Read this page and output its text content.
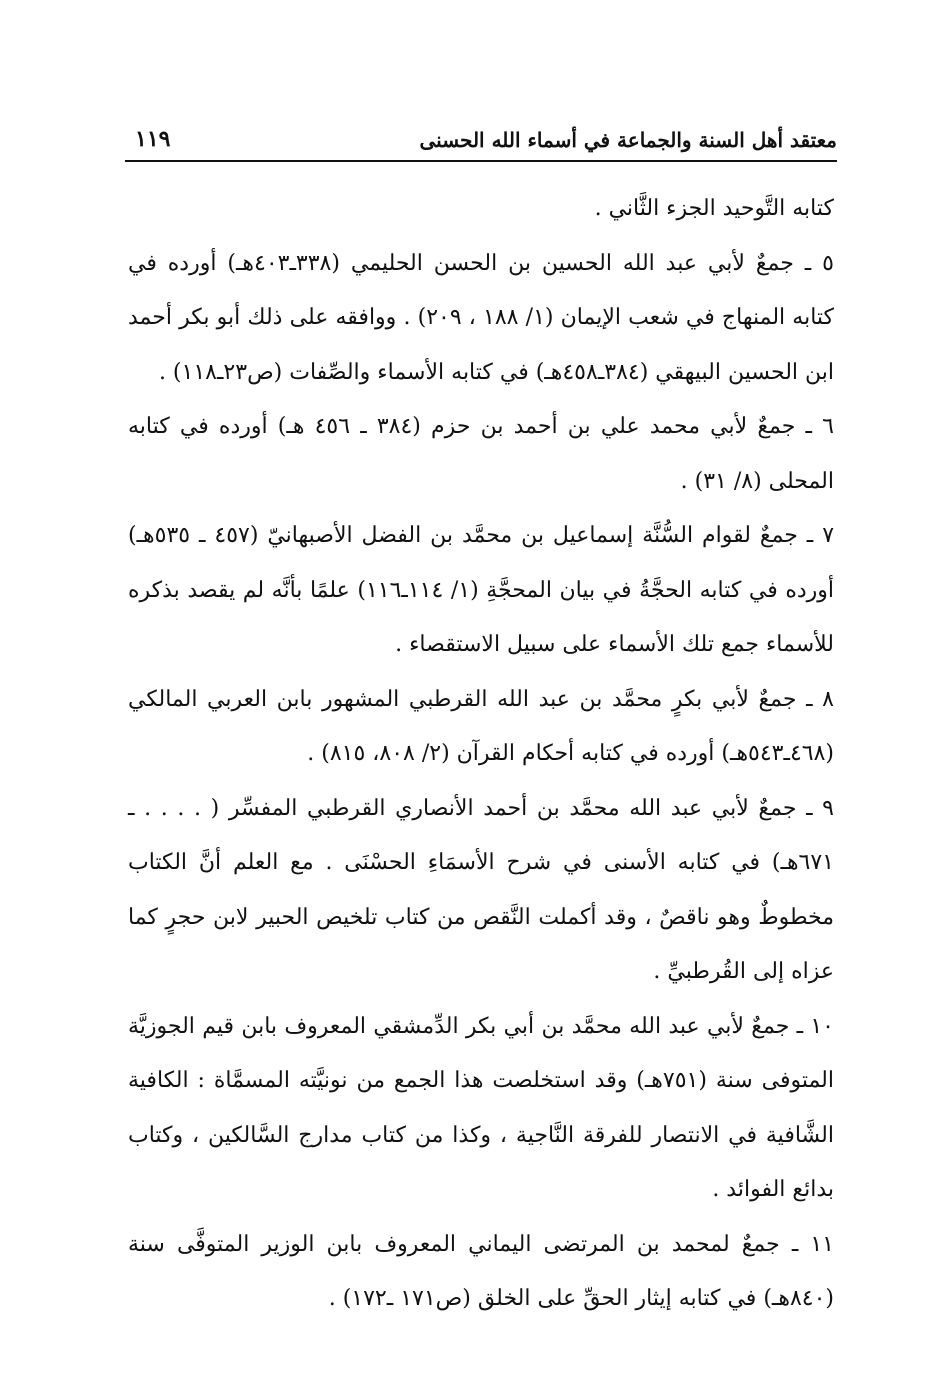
معتقد أهل السنة والجماعة في أسماء الله الحسنى
١١٩

كتابه التَّوحيد الجزء الثَّاني .

٥ ـ جمعٌ لأبي عبد الله الحسين بن الحسن الحليمي (٣٣٨ـ٤٠٣هـ) أورده في كتابه المنهاج في شعب الإيمان (١/ ١٨٨ ، ٢٠٩) . ووافقه على ذلك أبو بكر أحمد ابن الحسين البيهقي (٣٨٤ـ٤٥٨هـ) في كتابه الأسماء والصِّفات (ص٢٣ـ١١٨) .

٦ ـ جمعٌ لأبي محمد علي بن أحمد بن حزم (٣٨٤ ـ ٤٥٦ هـ) أورده في كتابه المحلى (٨/ ٣١) .

٧ ـ جمعٌ لقوام السُّنَّة إسماعيل بن محمَّد بن الفضل الأصبهانيّ (٤٥٧ ـ ٥٣٥هـ) أورده في كتابه الحجَّةُ في بيان المحجَّةِ (١/ ١١٤ـ١١٦) علمًا بأنَّه لم يقصد بذكره للأسماء جمع تلك الأسماء على سبيل الاستقصاء .

٨ ـ جمعٌ لأبي بكرٍ محمَّد بن عبد الله القرطبي المشهور بابن العربي المالكي (٤٦٨ـ٥٤٣هـ) أورده في كتابه أحكام القرآن (٢/ ٨٠٨، ٨١٥) .

٩ ـ جمعٌ لأبي عبد الله محمَّد بن أحمد الأنصاري القرطبي المفسِّر ( . . . . ـ ٦٧١هـ) في كتابه الأسنى في شرح الأسمَاءِ الحسْنَى . مع العلم أنَّ الكتاب مخطوطٌ وهو ناقصٌ ، وقد أكملت النَّقص من كتاب تلخيص الحبير لابن حجرٍ كما عزاه إلى القُرطبيِّ .

١٠ ـ جمعٌ لأبي عبد الله محمَّد بن أبي بكر الدِّمشقي المعروف بابن قيم الجوزيَّة المتوفى سنة (٧٥١هـ) وقد استخلصت هذا الجمع من نونيَّته المسمَّاة : الكافية الشَّافية في الانتصار للفرقة النَّاجية ، وكذا من كتاب مدارج السَّالكين ، وكتاب بدائع الفوائد .

١١ ـ جمعٌ لمحمد بن المرتضى اليماني المعروف بابن الوزير المتوفَّى سنة (٨٤٠هـ) في كتابه إيثار الحقِّ على الخلق (ص١٧١ ـ١٧٢) .
